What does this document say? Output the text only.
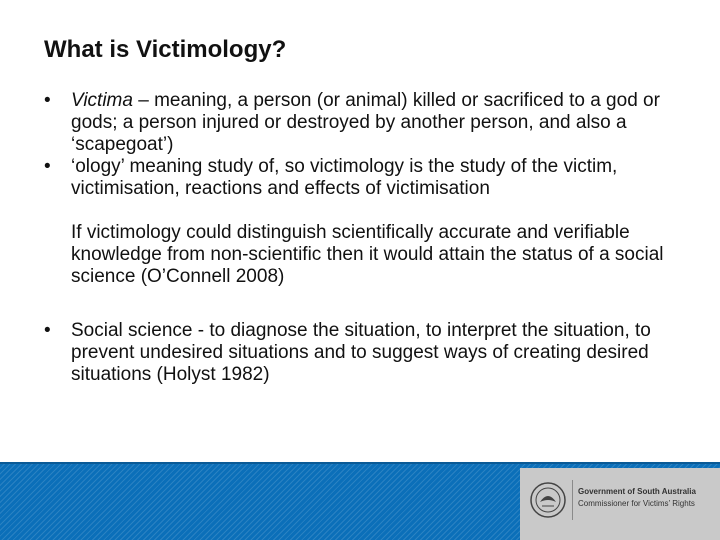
What is Victimology?

• Victima – meaning, a person (or animal) killed or sacrificed to a god or gods; a person injured or destroyed by another person, and also a ‘scapegoat’)

• ‘ology’ meaning study of, so victimology is the study of the victim, victimisation, reactions and effects of victimisation

If victimology could distinguish scientifically accurate and verifiable knowledge from non-scientific then it would attain the status of a social science (O’Connell 2008)

• Social science - to diagnose the situation, to interpret the situation, to prevent undesired situations and to suggest ways of creating desired situations (Holyst 1982)

Government of South Australia
Commissioner for Victims’ Rights
